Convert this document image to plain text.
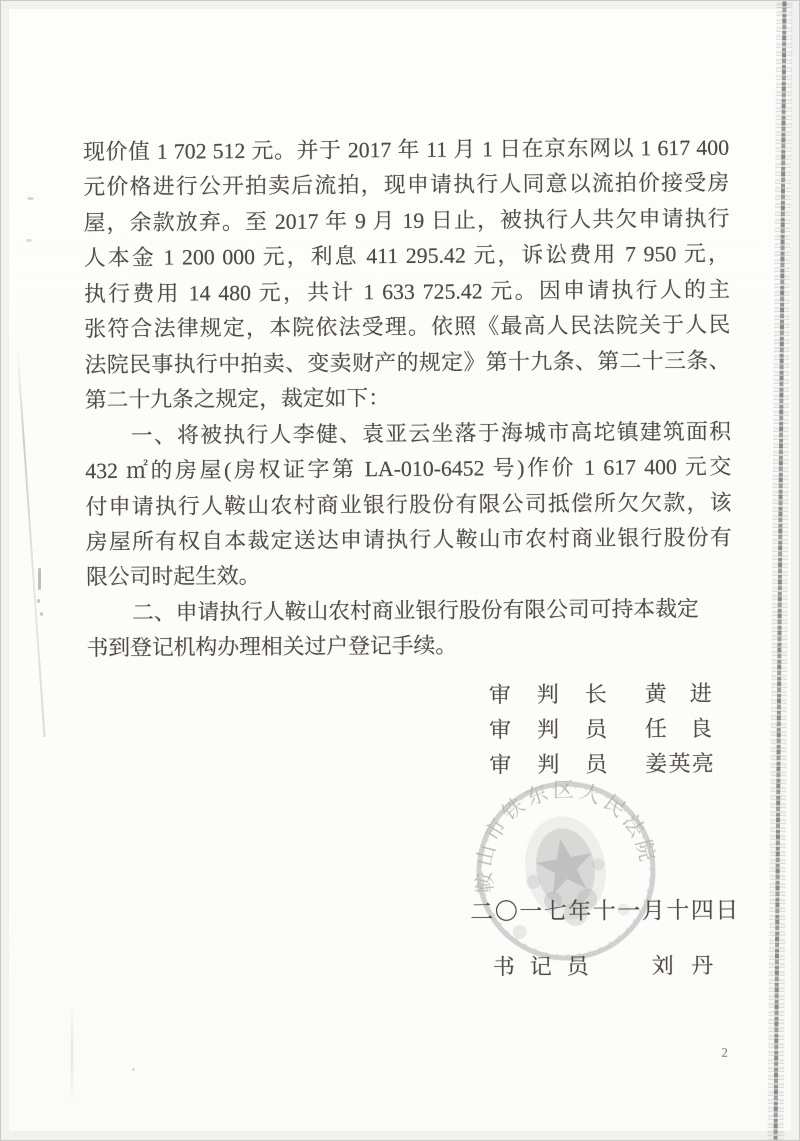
鞍山市铁东区人民法院
现价值 1 702 512 元。并于 2017 年 11 月 1 日在京东网以 1 617 400
元价格进行公开拍卖后流拍，现申请执行人同意以流拍价接受房
屋，余款放弃。至 2017 年 9 月 19 日止，被执行人共欠申请执行
人本金 1 200 000 元，利息 411 295.42 元，诉讼费用 7 950 元，
执行费用 14 480 元，共计 1 633 725.42 元。因申请执行人的主
张符合法律规定，本院依法受理。依照《最高人民法院关于人民
法院民事执行中拍卖、变卖财产的规定》第十九条、第二十三条、
第二十九条之规定，裁定如下：
一、将被执行人李健、袁亚云坐落于海城市高坨镇建筑面积
432 ㎡的房屋(房权证字第 LA-010-6452 号)作价 1 617 400 元交
付申请执行人鞍山农村商业银行股份有限公司抵偿所欠欠款，该
房屋所有权自本裁定送达申请执行人鞍山市农村商业银行股份有
限公司时起生效。
二、申请执行人鞍山农村商业银行股份有限公司可持本裁定
书到登记机构办理相关过户登记手续。
审判长 黄进
审判员 任良
审判员 姜英亮
二〇一七年十一月十四日
书记员 刘丹
2
